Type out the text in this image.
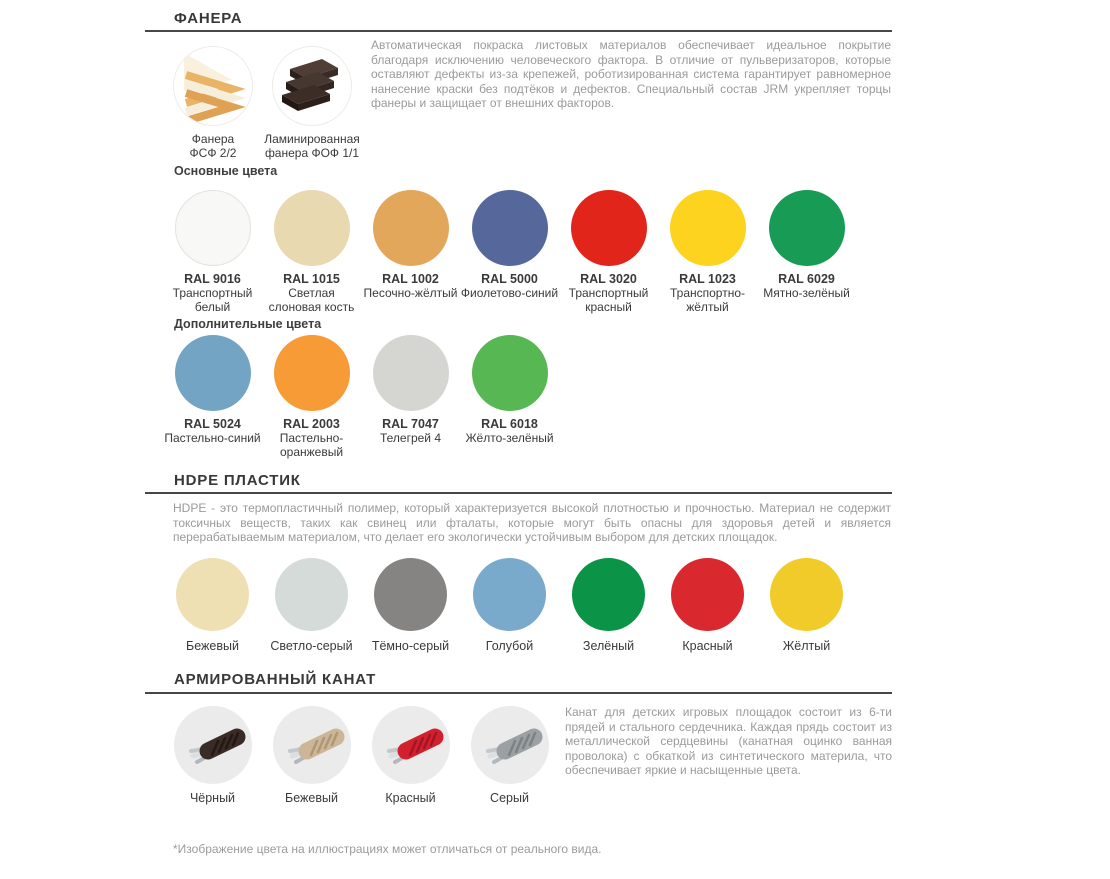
ФАНЕРА
Фанера
ФСФ 2/2
Ламинированная
фанера ФОФ 1/1
Автоматическая покраска листовых материалов обеспечивает идеальное покрытие благодаря исключению человеческого фактора. В отличие от пульверизаторов, которые оставляют дефекты из-за крепежей, роботизированная система гарантирует равномерное нанесение краски без подтёков и дефектов. Специальный состав JRM укрепляет торцы фанеры и защищает от внешних факторов.
Основные цвета
RAL 9016
Транспортный белый
RAL 1015
Светлая слоновая кость
RAL 1002
Песочно-жёлтый
RAL 5000
Фиолетово-синий
RAL 3020
Транспортный красный
RAL 1023
Транспортно-жёлтый
RAL 6029
Мятно-зелёный
Дополнительные цвета
RAL 5024
Пастельно-синий
RAL 2003
Пастельно-оранжевый
RAL 7047
Телегрей 4
RAL 6018
Жёлто-зелёный
HDPE ПЛАСТИК
HDPE - это термопластичный полимер, который характеризуется высокой плотностью и прочностью. Материал не содержит токсичных веществ, таких как свинец или фталаты, которые могут быть опасны для здоровья детей и является перерабатываемым материалом, что делает его экологически устойчивым выбором для детских площадок.
Бежевый	Светло-серый	Тёмно-серый	Голубой	Зелёный	Красный	Жёлтый
АРМИРОВАННЫЙ КАНАТ
Чёрный	Бежевый	Красный	Серый
Канат для детских игровых площадок состоит из 6-ти прядей и стального сердечника. Каждая прядь состоит из металлической сердцевины (канатная оцинко ванная проволока) с обкаткой из синтетического материла, что обеспечивает яркие и насыщенные цвета.
*Изображение цвета на иллюстрациях может отличаться от реального вида.
